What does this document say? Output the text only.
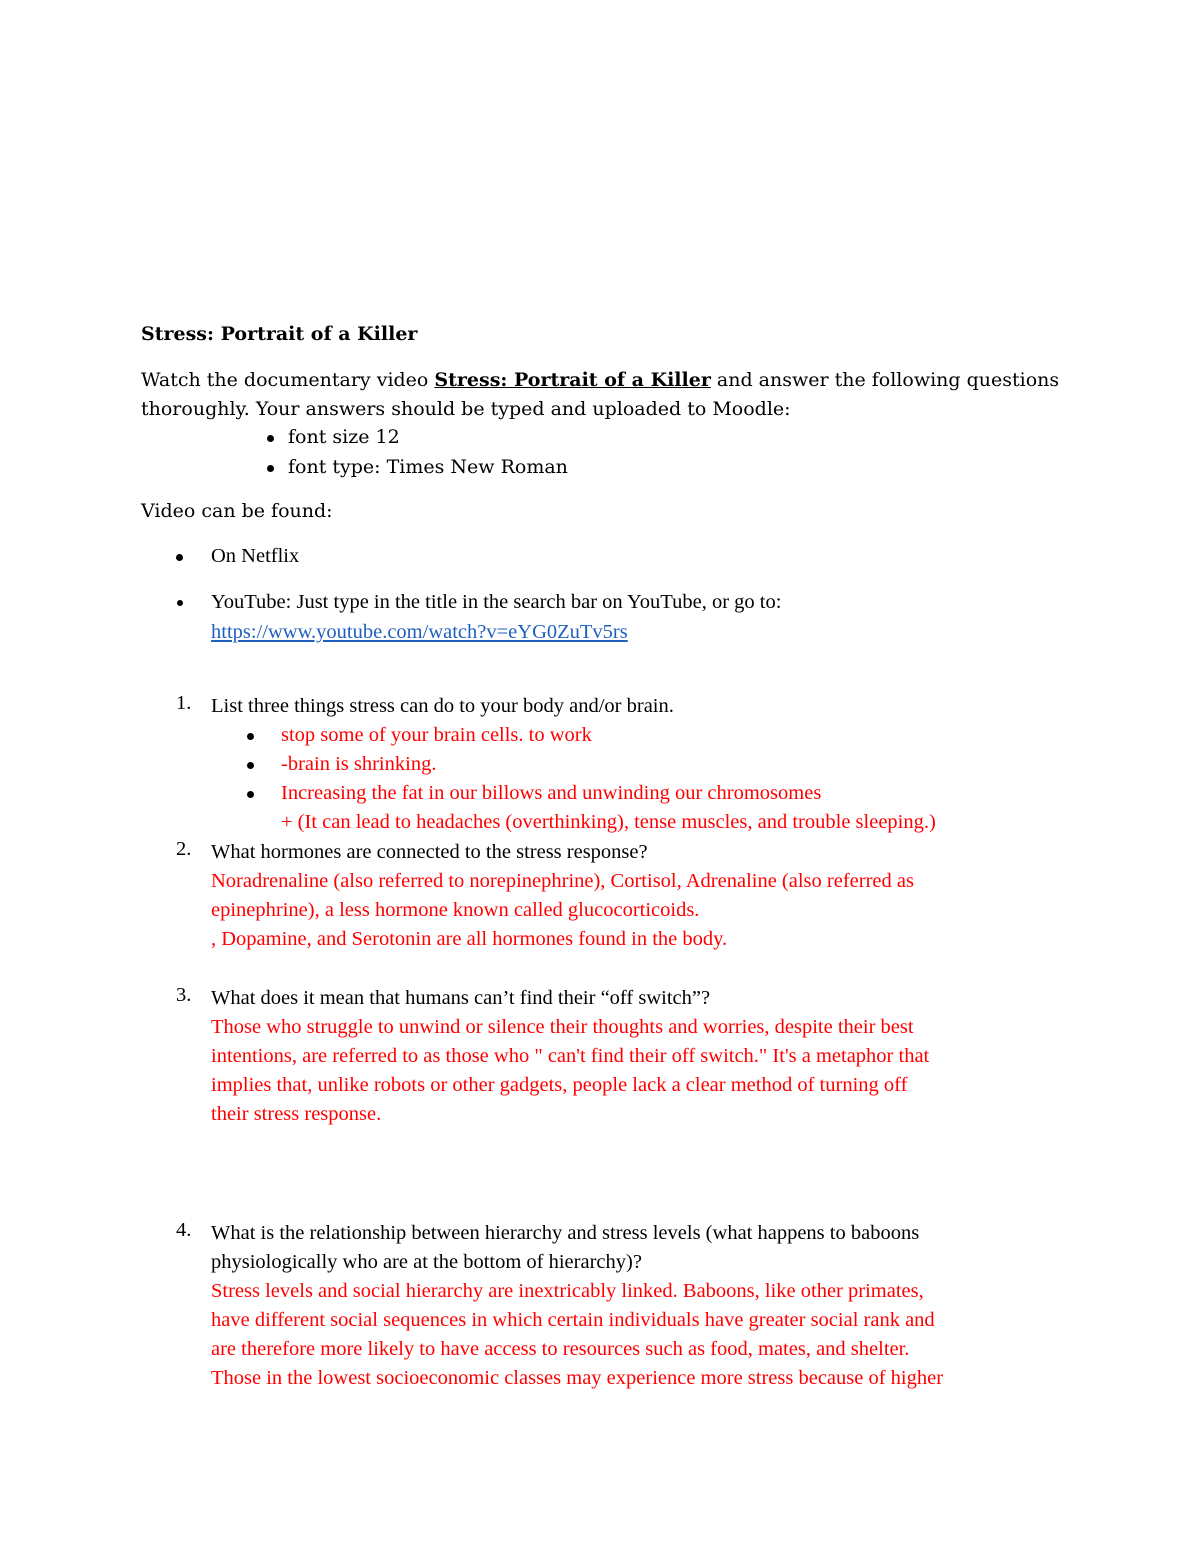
Stress: Portrait of a Killer
Watch the documentary video Stress: Portrait of a Killer and answer the following questions
thoroughly. Your answers should be typed and uploaded to Moodle:
font size 12
font type: Times New Roman
Video can be found:
On Netflix
YouTube: Just type in the title in the search bar on YouTube, or go to:
https://www.youtube.com/watch?v=eYG0ZuTv5rs
1. List three things stress can do to your body and/or brain.
stop some of your brain cells. to work
-brain is shrinking.
Increasing the fat in our billows and unwinding our chromosomes
+ (It can lead to headaches (overthinking), tense muscles, and trouble sleeping.)
2. What hormones are connected to the stress response?
Noradrenaline (also referred to norepinephrine), Cortisol, Adrenaline (also referred as
epinephrine), a less hormone known called glucocorticoids.
, Dopamine, and Serotonin are all hormones found in the body.
3. What does it mean that humans can’t find their “off switch”?
Those who struggle to unwind or silence their thoughts and worries, despite their best
intentions, are referred to as those who " can't find their off switch." It's a metaphor that
implies that, unlike robots or other gadgets, people lack a clear method of turning off
their stress response.
4. What is the relationship between hierarchy and stress levels (what happens to baboons
physiologically who are at the bottom of hierarchy)?
Stress levels and social hierarchy are inextricably linked. Baboons, like other primates,
have different social sequences in which certain individuals have greater social rank and
are therefore more likely to have access to resources such as food, mates, and shelter.
Those in the lowest socioeconomic classes may experience more stress because of higher
